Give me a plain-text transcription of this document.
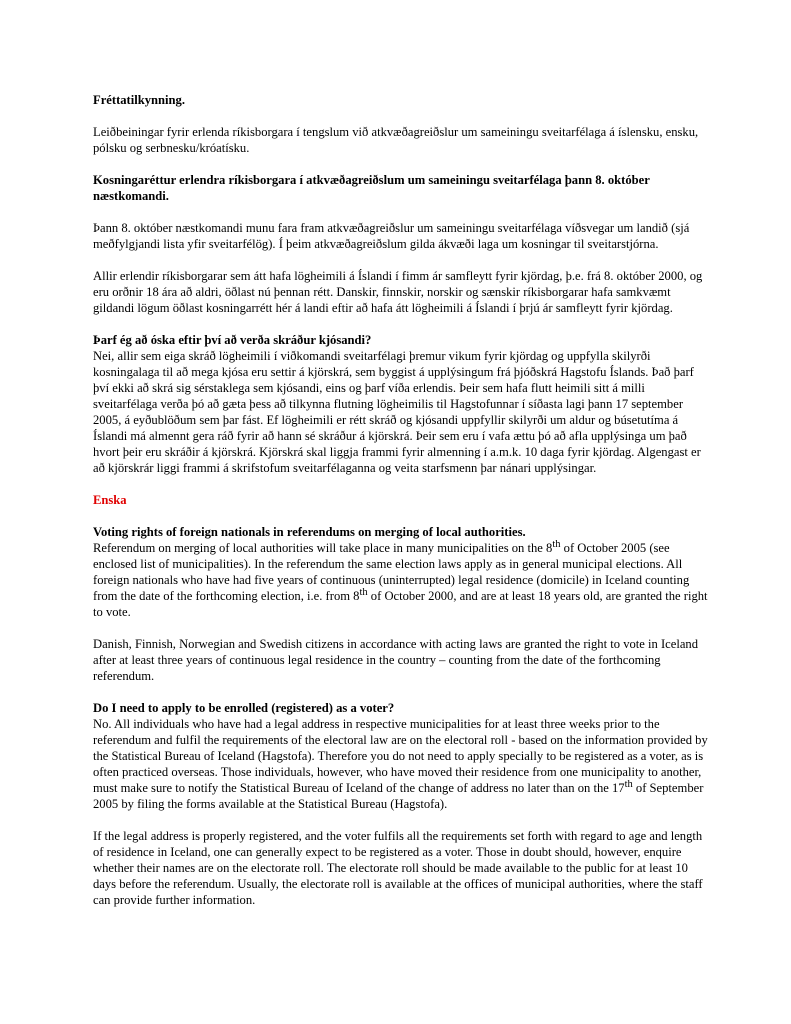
Fréttatilkynning.

Leiðbeiningar fyrir erlenda ríkisborgara í tengslum við atkvæðagreiðslur um sameiningu sveitarfélaga á íslensku, ensku, pólsku og serbnesku/króatísku.

Kosningaréttur erlendra ríkisborgara í atkvæðagreiðslum um sameiningu sveitarfélaga þann 8. október næstkomandi.

Þann 8. október næstkomandi munu fara fram atkvæðagreiðslur um sameiningu sveitarfélaga víðsvegar um landið (sjá meðfylgjandi lista yfir sveitarfélög). Í þeim atkvæðagreiðslum gilda ákvæði laga um kosningar til sveitarstjórna.

Allir erlendir ríkisborgarar sem átt hafa lögheimili á Íslandi í fimm ár samfleytt fyrir kjördag, þ.e. frá 8. október 2000, og eru orðnir 18 ára að aldri, öðlast nú þennan rétt. Danskir, finnskir, norskir og sænskir ríkisborgarar hafa samkvæmt gildandi lögum öðlast kosningarrétt hér á landi eftir að hafa átt lögheimili á Íslandi í þrjú ár samfleytt fyrir kjördag.

Þarf ég að óska eftir því að verða skráður kjósandi?

Nei, allir sem eiga skráð lögheimili í viðkomandi sveitarfélagi þremur vikum fyrir kjördag og uppfylla skilyrði kosningalaga til að mega kjósa eru settir á kjörskrá, sem byggist á upplýsingum frá þjóðskrá Hagstofu Íslands. Það þarf því ekki að skrá sig sérstaklega sem kjósandi, eins og þarf víða erlendis. Þeir sem hafa flutt heimili sitt á milli sveitarfélaga verða þó að gæta þess að tilkynna flutning lögheimilis til Hagstofunnar í síðasta lagi þann 17 september 2005, á eyðublöðum sem þar fást. Ef lögheimili er rétt skráð og kjósandi uppfyllir skilyrði um aldur og búsetutíma á Íslandi má almennt gera ráð fyrir að hann sé skráður á kjörskrá. Þeir sem eru í vafa ættu þó að afla upplýsinga um það hvort þeir eru skráðir á kjörskrá. Kjörskrá skal liggja frammi fyrir almenning í a.m.k. 10 daga fyrir kjördag. Algengast er að kjörskrár liggi frammi á skrifstofum sveitarfélaganna og veita starfsmenn þar nánari upplýsingar.

Enska

Voting rights of foreign nationals in referendums on merging of local authorities.

Referendum on merging of local authorities will take place in many municipalities on the 8th of October 2005 (see enclosed list of municipalities). In the referendum the same election laws apply as in general municipal elections. All foreign nationals who have had five years of continuous (uninterrupted) legal residence (domicile) in Iceland counting from the date of the forthcoming election, i.e. from 8th of October 2000, and are at least 18 years old, are granted the right to vote.

Danish, Finnish, Norwegian and Swedish citizens in accordance with acting laws are granted the right to vote in Iceland after at least three years of continuous legal residence in the country – counting from the date of the forthcoming referendum.

Do I need to apply to be enrolled (registered) as a voter?

No. All individuals who have had a legal address in respective municipalities for at least three weeks prior to the referendum and fulfil the requirements of the electoral law are on the electoral roll - based on the information provided by the Statistical Bureau of Iceland (Hagstofa). Therefore you do not need to apply specially to be registered as a voter, as is often practiced overseas. Those individuals, however, who have moved their residence from one municipality to another, must make sure to notify the Statistical Bureau of Iceland of the change of address no later than on the 17th of September 2005 by filing the forms available at the Statistical Bureau (Hagstofa).

If the legal address is properly registered, and the voter fulfils all the requirements set forth with regard to age and length of residence in Iceland, one can generally expect to be registered as a voter. Those in doubt should, however, enquire whether their names are on the electorate roll. The electorate roll should be made available to the public for at least 10 days before the referendum. Usually, the electorate roll is available at the offices of municipal authorities, where the staff can provide further information.
